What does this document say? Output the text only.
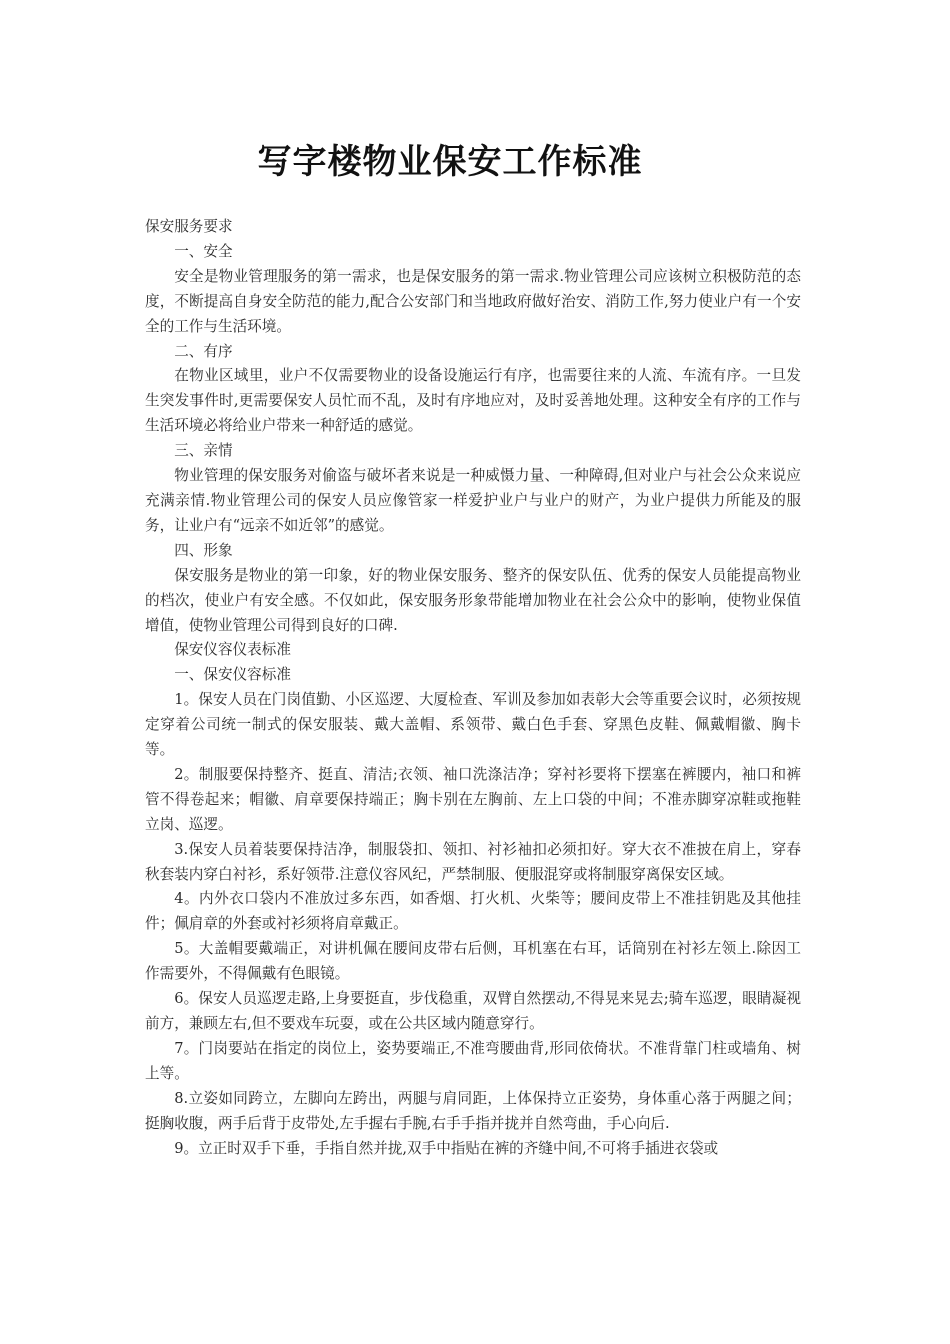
写字楼物业保安工作标准

保安服务要求

一、安全

安全是物业管理服务的第一需求，也是保安服务的第一需求.物业管理公司应该树立积极防范的态度，不断提高自身安全防范的能力,配合公安部门和当地政府做好治安、消防工作,努力使业户有一个安全的工作与生活环境。

二、有序

在物业区域里，业户不仅需要物业的设备设施运行有序，也需要往来的人流、车流有序。一旦发生突发事件时,更需要保安人员忙而不乱，及时有序地应对，及时妥善地处理。这种安全有序的工作与生活环境必将给业户带来一种舒适的感觉。

三、亲情

物业管理的保安服务对偷盗与破坏者来说是一种威慑力量、一种障碍,但对业户与社会公众来说应充满亲情.物业管理公司的保安人员应像管家一样爱护业户与业户的财产，为业户提供力所能及的服务，让业户有“远亲不如近邻”的感觉。

四、形象

保安服务是物业的第一印象，好的物业保安服务、整齐的保安队伍、优秀的保安人员能提高物业的档次，使业户有安全感。不仅如此，保安服务形象带能增加物业在社会公众中的影响，使物业保值增值，使物业管理公司得到良好的口碑.

保安仪容仪表标准

一、保安仪容标准

1。保安人员在门岗值勤、小区巡逻、大厦检查、军训及参加如表彰大会等重要会议时，必须按规定穿着公司统一制式的保安服装、戴大盖帽、系领带、戴白色手套、穿黑色皮鞋、佩戴帽徽、胸卡等。

2。制服要保持整齐、挺直、清洁;衣领、袖口洗涤洁净；穿衬衫要将下摆塞在裤腰内，袖口和裤管不得卷起来；帽徽、肩章要保持端正；胸卡别在左胸前、左上口袋的中间；不准赤脚穿凉鞋或拖鞋立岗、巡逻。

3.保安人员着装要保持洁净，制服袋扣、领扣、衬衫袖扣必须扣好。穿大衣不准披在肩上，穿春秋套装内穿白衬衫，系好领带.注意仪容风纪，严禁制服、便服混穿或将制服穿离保安区域。

4。内外衣口袋内不准放过多东西，如香烟、打火机、火柴等；腰间皮带上不准挂钥匙及其他挂件；佩肩章的外套或衬衫须将肩章戴正。

5。大盖帽要戴端正，对讲机佩在腰间皮带右后侧，耳机塞在右耳，话筒别在衬衫左领上.除因工作需要外，不得佩戴有色眼镜。

6。保安人员巡逻走路,上身要挺直，步伐稳重，双臂自然摆动,不得晃来晃去;骑车巡逻，眼睛凝视前方，兼顾左右,但不要戏车玩耍，或在公共区域内随意穿行。

7。门岗要站在指定的岗位上，姿势要端正,不准弯腰曲背,形同依倚状。不准背靠门柱或墙角、树上等。

8.立姿如同跨立，左脚向左跨出，两腿与肩同距，上体保持立正姿势，身体重心落于两腿之间；挺胸收腹，两手后背于皮带处,左手握右手腕,右手手指并拢并自然弯曲，手心向后.

9。立正时双手下垂，手指自然并拢,双手中指贴在裤的齐缝中间,不可将手插进衣袋或
